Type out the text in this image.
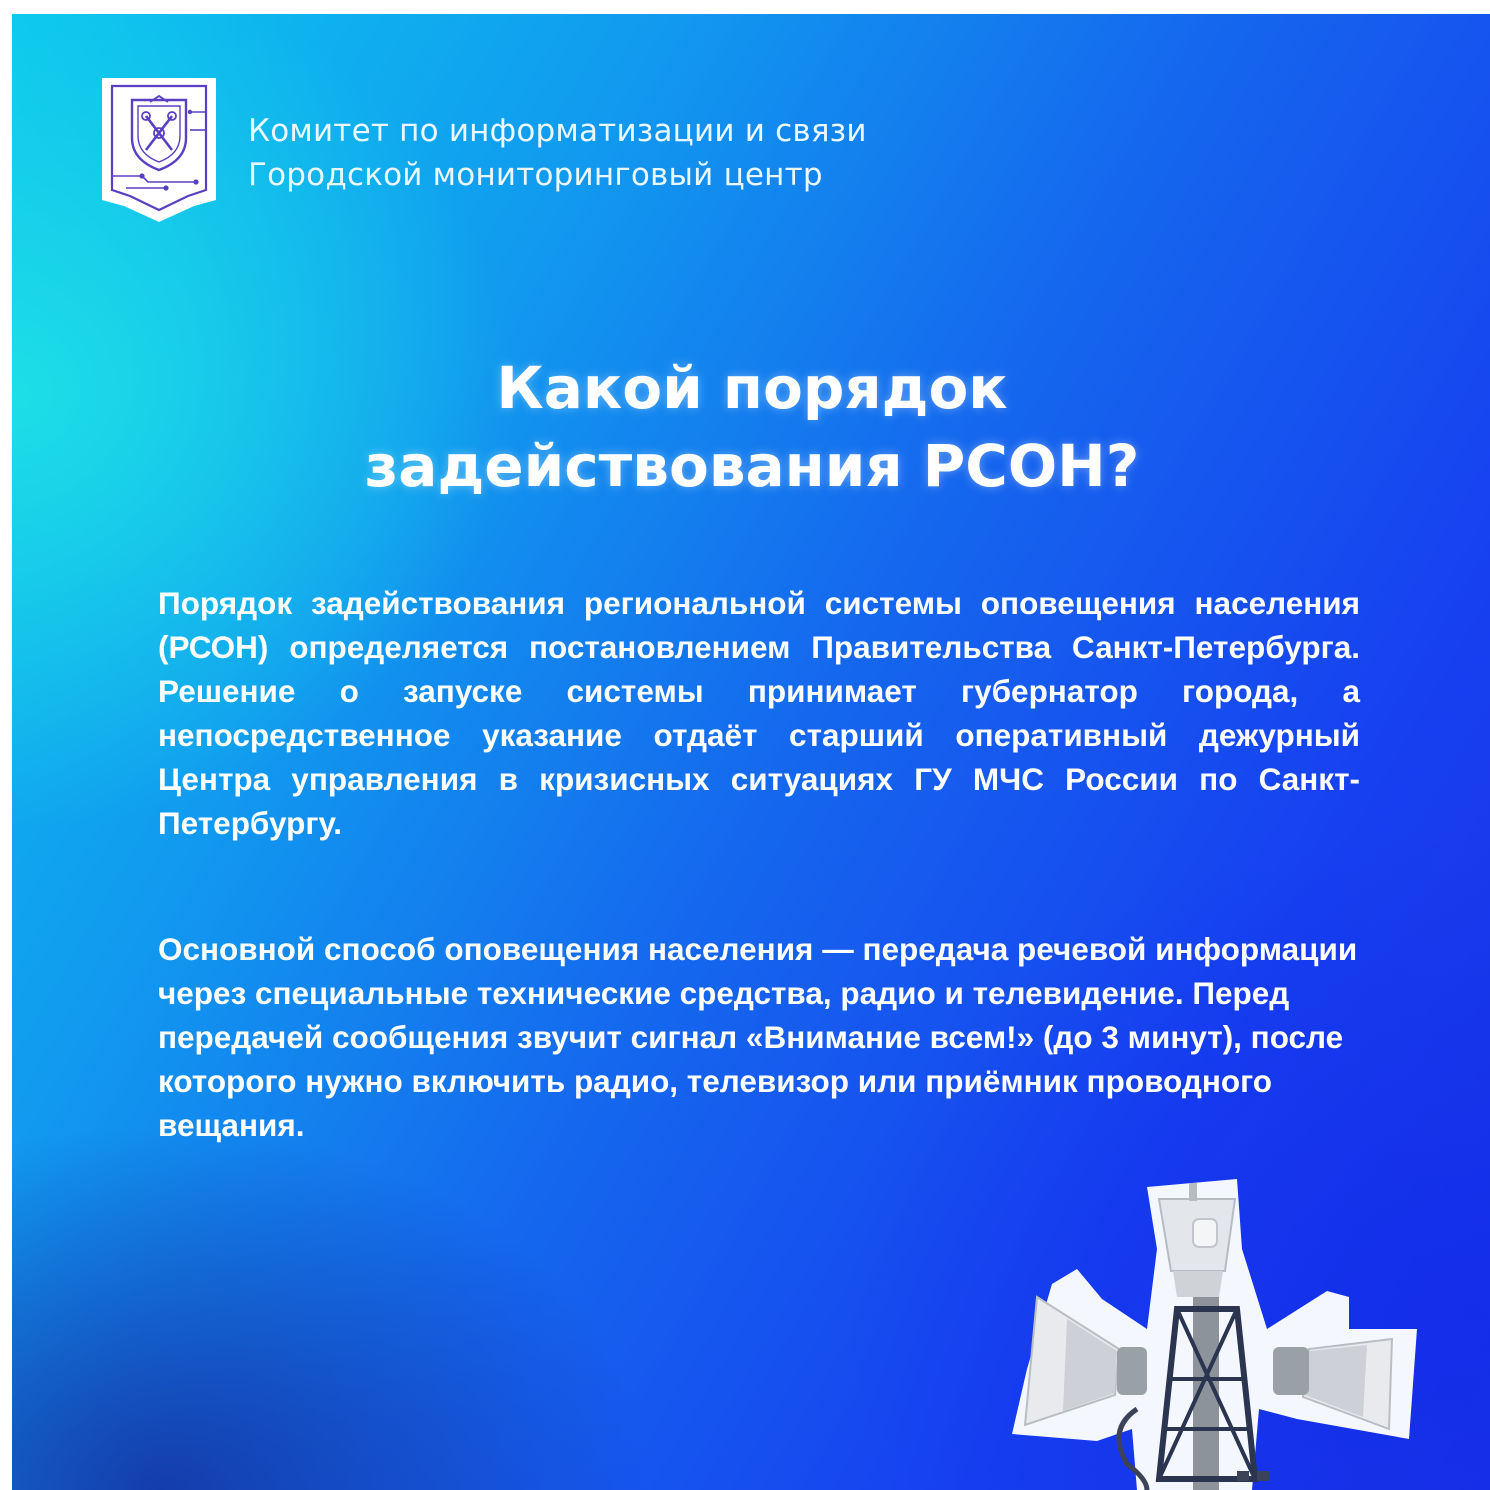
Комитет по информатизации и связи
Городской мониторинговый центр
Какой порядок
задействования РСОН?
Порядок задействования региональной системы оповещения населения (РСОН) определяется постановлением Правительства Санкт-Петербурга. Решение о запуске системы принимает губернатор города, а непосредственное указание отдаёт старший оперативный дежурный Центра управления в кризисных ситуациях ГУ МЧС России по Санкт-Петербургу.
Основной способ оповещения населения — передача речевой информации через специальные технические средства, радио и телевидение. Перед передачей сообщения звучит сигнал «Внимание всем!» (до 3 минут), после которого нужно включить радио, телевизор или приёмник проводного вещания.
